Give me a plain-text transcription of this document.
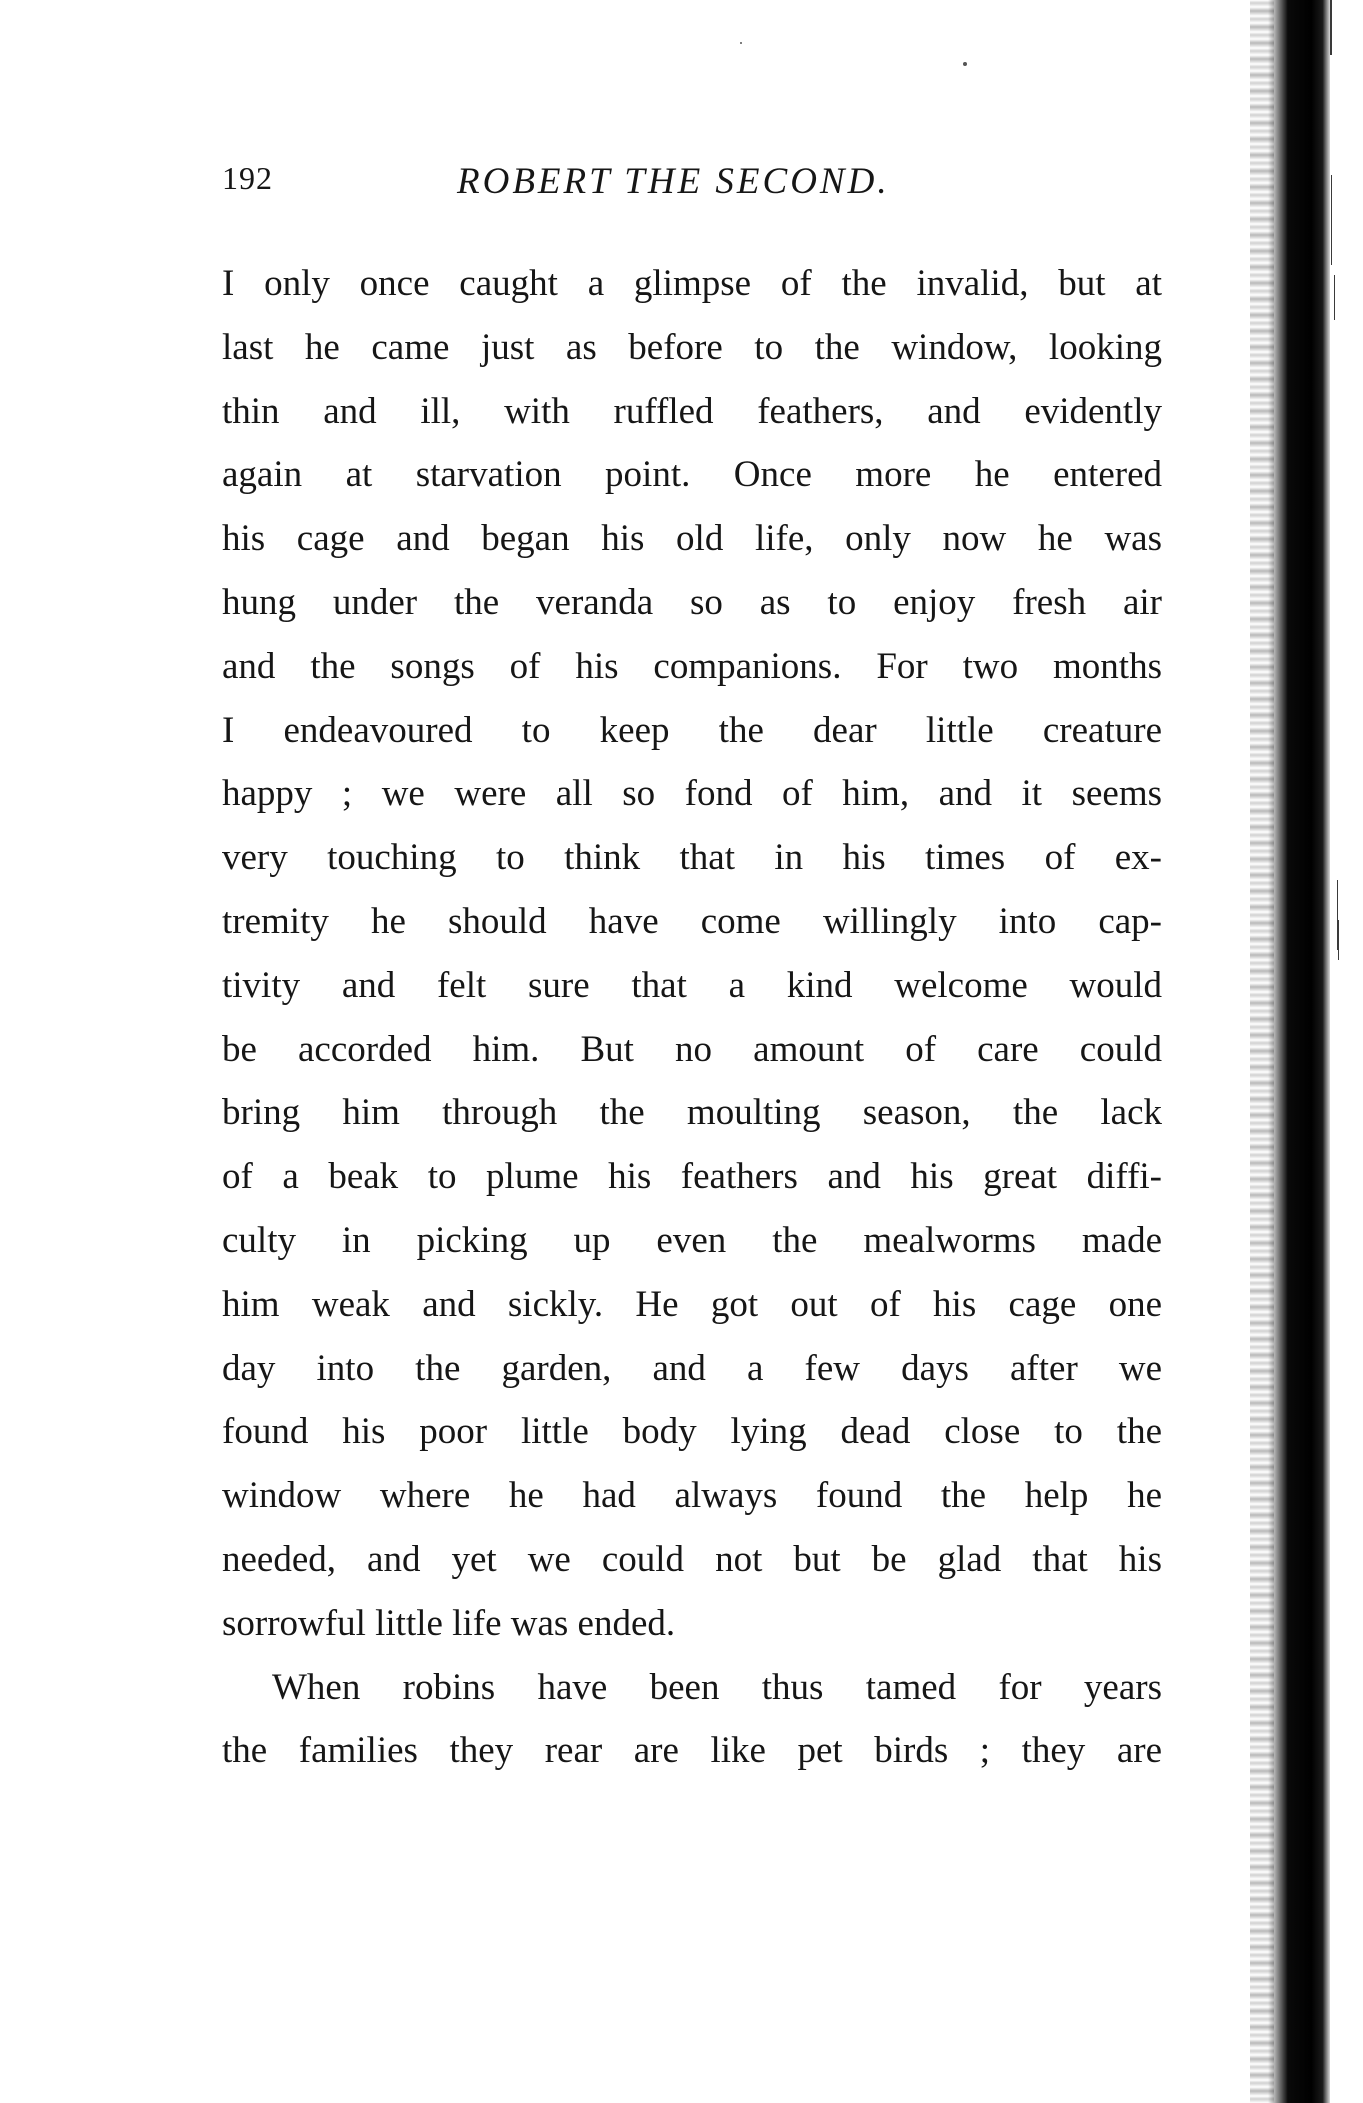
192	ROBERT THE SECOND.
I only once caught a glimpse of the invalid, but at
last he came just as before to the window, looking
thin and ill, with ruffled feathers, and evidently
again at starvation point. Once more he entered
his cage and began his old life, only now he was
hung under the veranda so as to enjoy fresh air
and the songs of his companions. For two months
I endeavoured to keep the dear little creature
happy ; we were all so fond of him, and it seems
very touching to think that in his times of ex-
tremity he should have come willingly into cap-
tivity and felt sure that a kind welcome would
be accorded him. But no amount of care could
bring him through the moulting season, the lack
of a beak to plume his feathers and his great diffi-
culty in picking up even the mealworms made
him weak and sickly. He got out of his cage one
day into the garden, and a few days after we
found his poor little body lying dead close to the
window where he had always found the help he
needed, and yet we could not but be glad that his
sorrowful little life was ended.
When robins have been thus tamed for years
the families they rear are like pet birds ; they are
